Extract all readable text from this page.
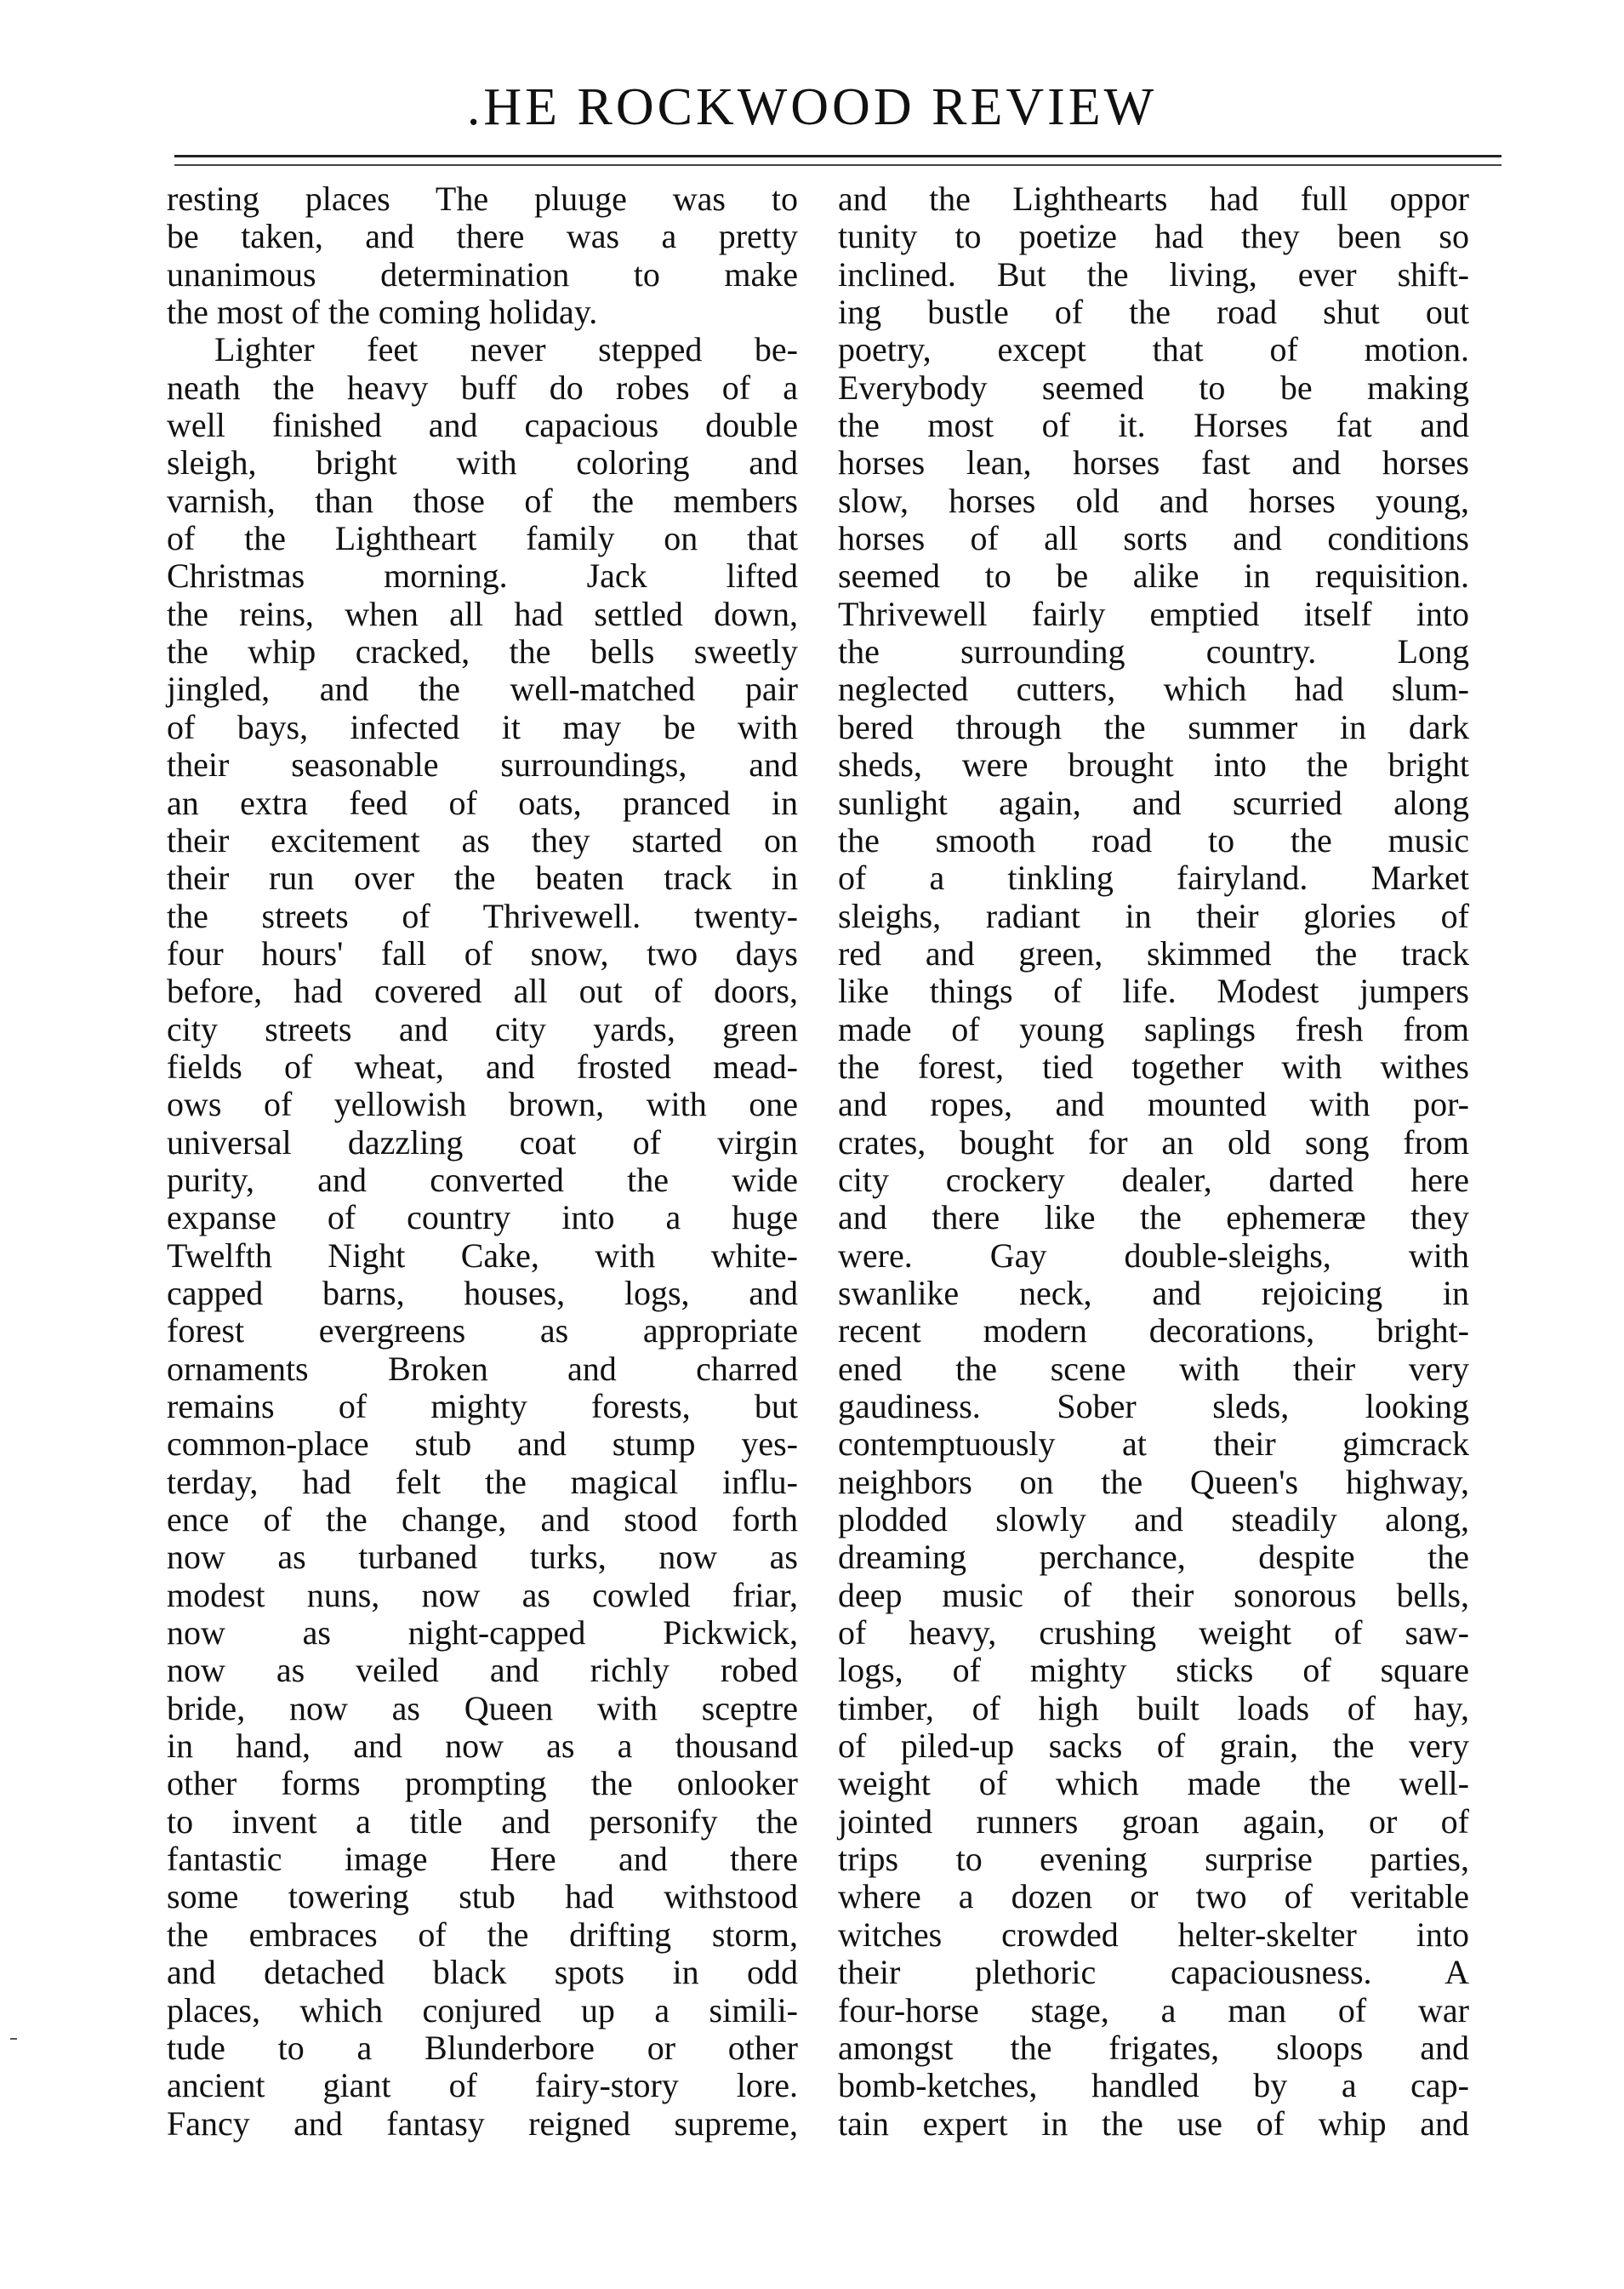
.HE ROCKWOOD REVIEW
resting places The pluuge was to
be taken, and there was a pretty
unanimous determination to make
the most of the coming holiday.
Lighter feet never stepped be-
neath the heavy buff do robes of a
well finished and capacious double
sleigh, bright with coloring and
varnish, than those of the members
of the Lightheart family on that
Christmas morning. Jack lifted
the reins, when all had settled down,
the whip cracked, the bells sweetly
jingled, and the well-matched pair
of bays, infected it may be with
their seasonable surroundings, and
an extra feed of oats, pranced in
their excitement as they started on
their run over the beaten track in
the streets of Thrivewell. twenty-
four hours' fall of snow, two days
before, had covered all out of doors,
city streets and city yards, green
fields of wheat, and frosted mead-
ows of yellowish brown, with one
universal dazzling coat of virgin
purity, and converted the wide
expanse of country into a huge
Twelfth Night Cake, with white-
capped barns, houses, logs, and
forest evergreens as appropriate
ornaments Broken and charred
remains of mighty forests, but
common-place stub and stump yes-
terday, had felt the magical influ-
ence of the change, and stood forth
now as turbaned turks, now as
modest nuns, now as cowled friar,
now as night-capped Pickwick,
now as veiled and richly robed
bride, now as Queen with sceptre
in hand, and now as a thousand
other forms prompting the onlooker
to invent a title and personify the
fantastic image Here and there
some towering stub had withstood
the embraces of the drifting storm,
and detached black spots in odd
places, which conjured up a simili-
tude to a Blunderbore or other
ancient giant of fairy-story lore.
Fancy and fantasy reigned supreme,
and the Lighthearts had full oppor
tunity to poetize had they been so
inclined. But the living, ever shift-
ing bustle of the road shut out
poetry, except that of motion.
Everybody seemed to be making
the most of it. Horses fat and
horses lean, horses fast and horses
slow, horses old and horses young,
horses of all sorts and conditions
seemed to be alike in requisition.
Thrivewell fairly emptied itself into
the surrounding country. Long
neglected cutters, which had slum-
bered through the summer in dark
sheds, were brought into the bright
sunlight again, and scurried along
the smooth road to the music
of a tinkling fairyland. Market
sleighs, radiant in their glories of
red and green, skimmed the track
like things of life. Modest jumpers
made of young saplings fresh from
the forest, tied together with withes
and ropes, and mounted with por-
crates, bought for an old song from
city crockery dealer, darted here
and there like the ephemeræ they
were. Gay double-sleighs, with
swanlike neck, and rejoicing in
recent modern decorations, bright-
ened the scene with their very
gaudiness. Sober sleds, looking
contemptuously at their gimcrack
neighbors on the Queen's highway,
plodded slowly and steadily along,
dreaming perchance, despite the
deep music of their sonorous bells,
of heavy, crushing weight of saw-
logs, of mighty sticks of square
timber, of high built loads of hay,
of piled-up sacks of grain, the very
weight of which made the well-
jointed runners groan again, or of
trips to evening surprise parties,
where a dozen or two of veritable
witches crowded helter-skelter into
their plethoric capaciousness. A
four-horse stage, a man of war
amongst the frigates, sloops and
bomb-ketches, handled by a cap-
tain expert in the use of whip and
